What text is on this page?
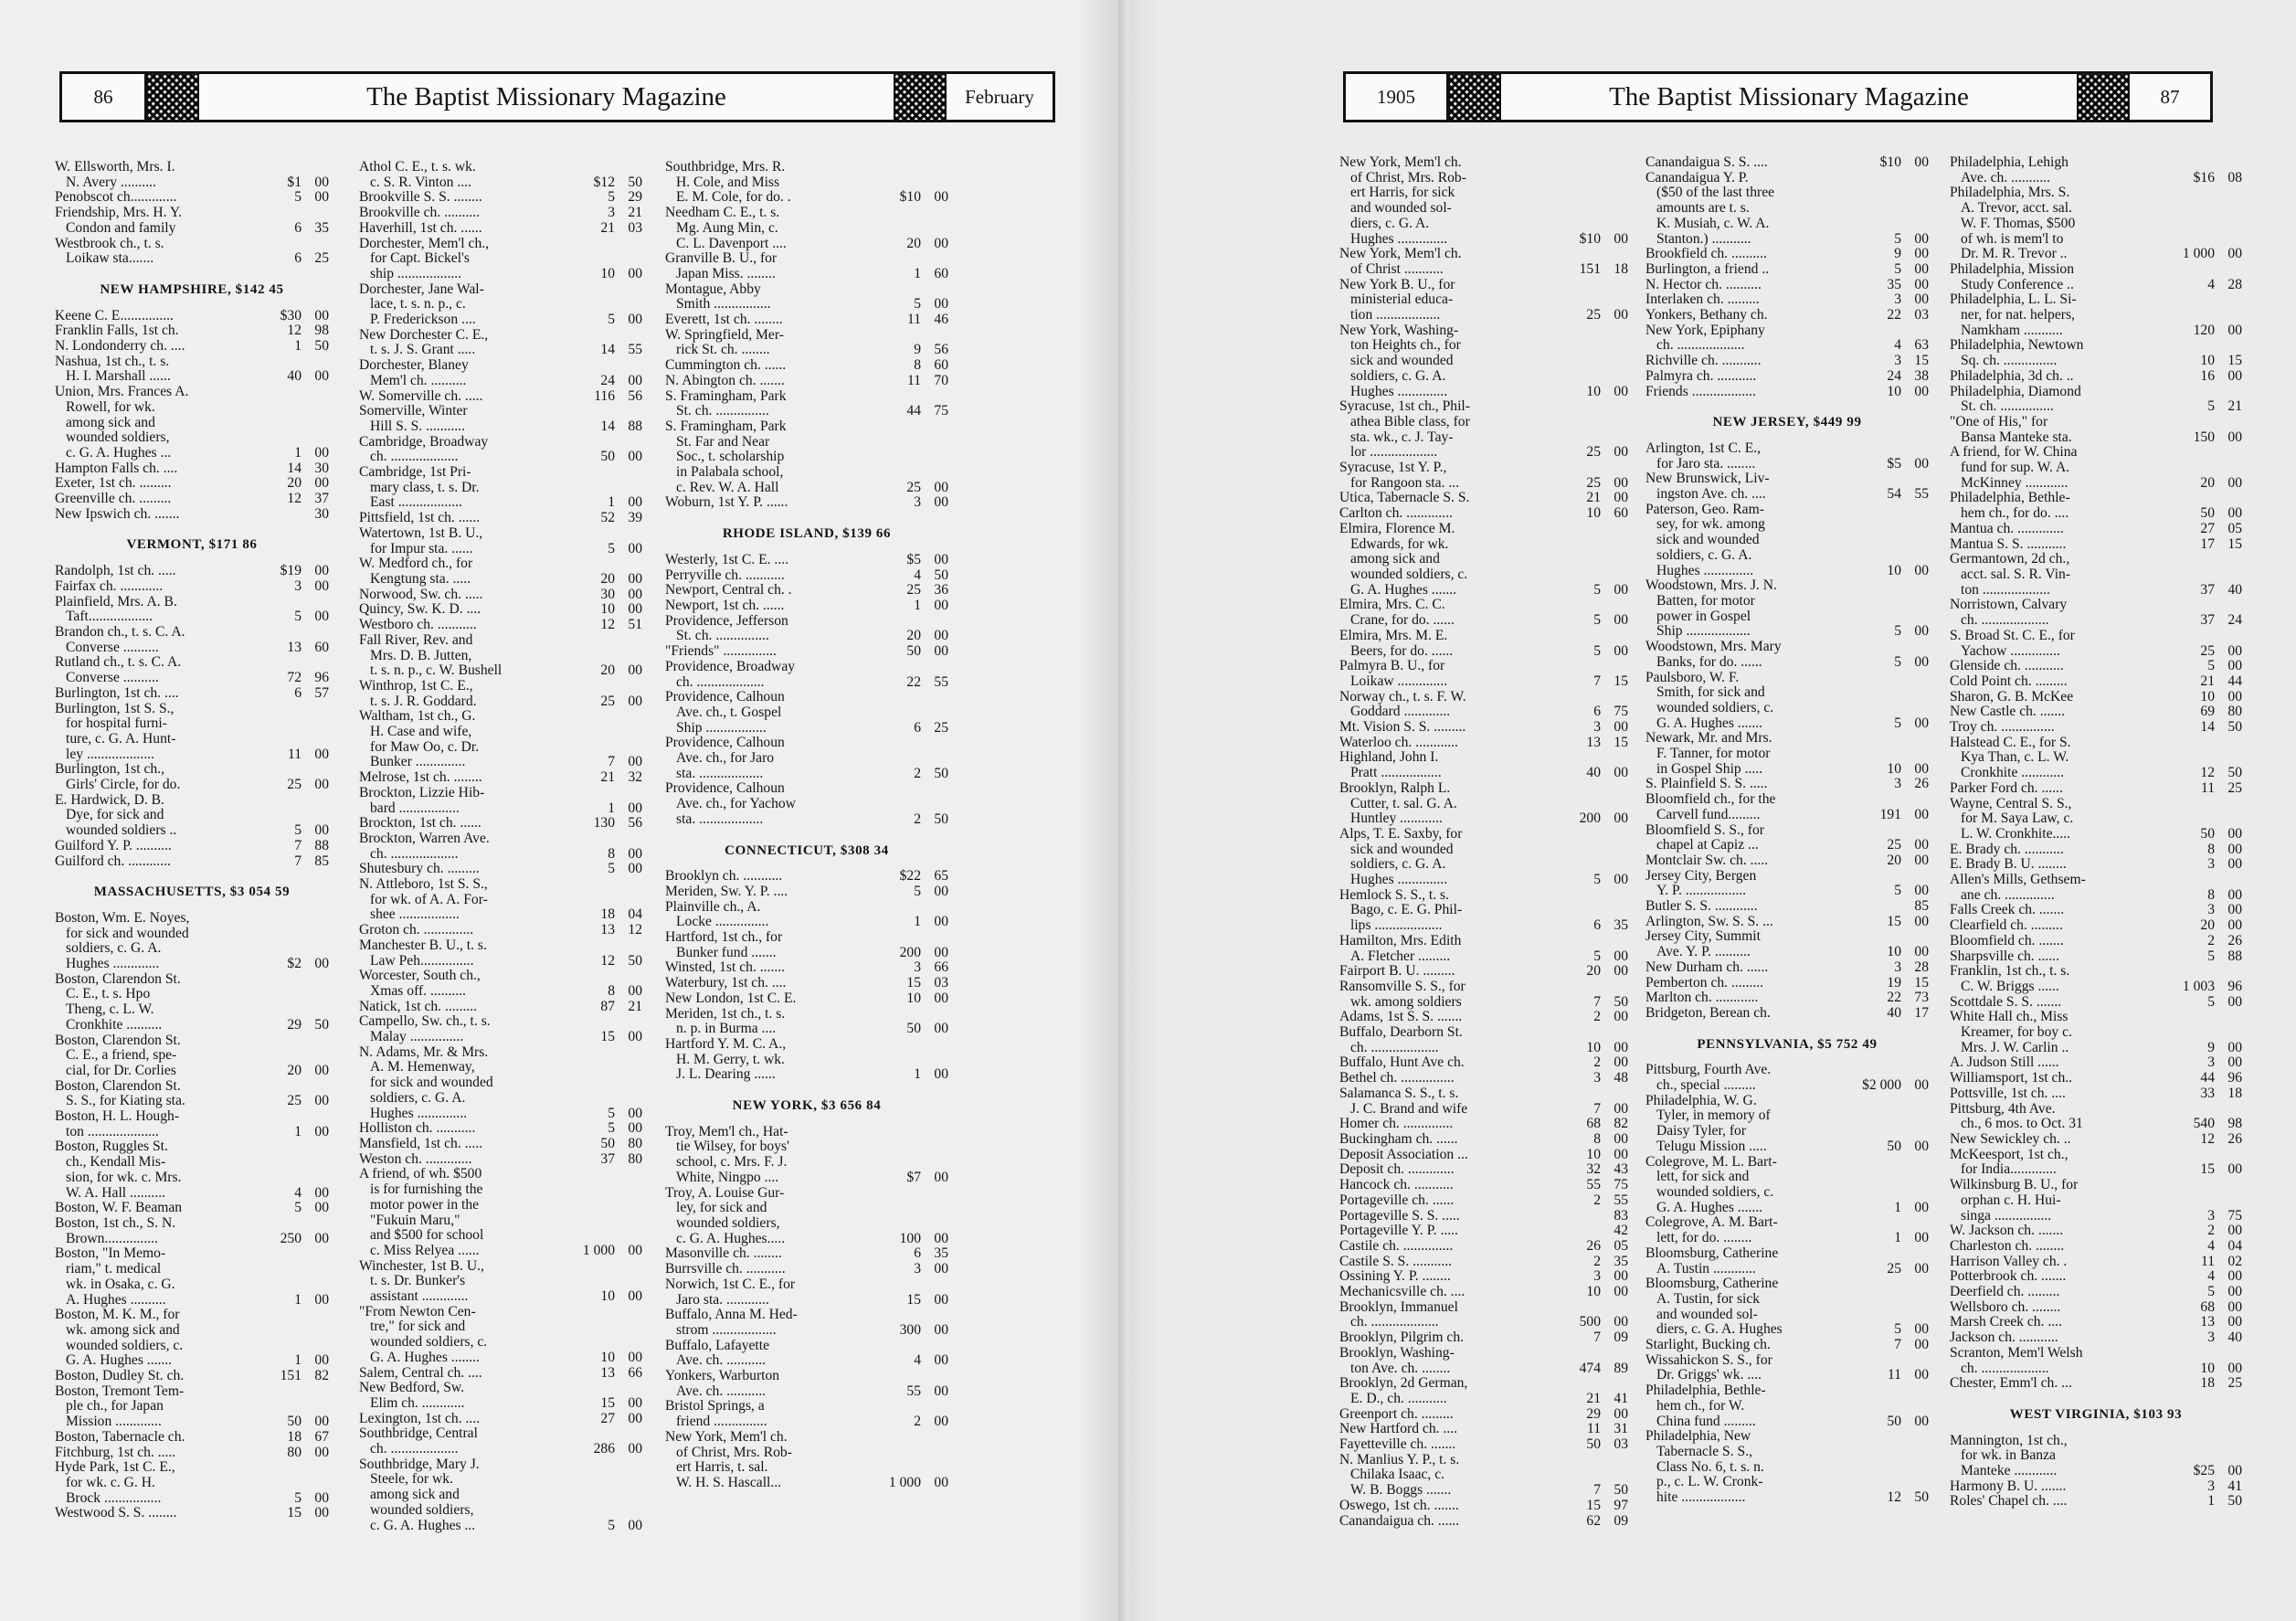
86	The Baptist Missionary Magazine	February
W. Ellsworth, Mrs. I.
N. Avery ..........	$1 00
Penobscot ch.............	5 00
Friendship, Mrs. H. Y.
Condon and family	6 35
Westbrook ch., t. s.
Loikaw sta.......	6 25
NEW HAMPSHIRE, $142 45
Keene C. E...............	$30 00
Franklin Falls, 1st ch.	12 98
N. Londonderry ch. ....	1 50
Nashua, 1st ch., t. s.
H. I. Marshall ......	40 00
Union, Mrs. Frances A.
Rowell, for wk.
among sick and
wounded soldiers,
c. G. A. Hughes ...	1 00
Hampton Falls ch. ....	14 30
Exeter, 1st ch. .........	20 00
Greenville ch. .........	12 37
New Ipswich ch. .......	30
VERMONT, $171 86
Randolph, 1st ch. .....	$19 00
Fairfax ch. ............	3 00
Plainfield, Mrs. A. B.
Taft..................	5 00
Brandon ch., t. s. C. A.
Converse ..........	13 60
Rutland ch., t. s. C. A.
Converse ..........	72 96
Burlington, 1st ch. ....	6 57
Burlington, 1st S. S.,
for hospital furni-
ture, c. G. A. Hunt-
ley ...................	11 00
Burlington, 1st ch.,
Girls' Circle, for do.	25 00
E. Hardwick, D. B.
Dye, for sick and
wounded soldiers ..	5 00
Guilford Y. P. ..........	7 88
Guilford ch. ............	7 85
MASSACHUSETTS, $3 054 59
Boston, Wm. E. Noyes,
for sick and wounded
soldiers, c. G. A.
Hughes .............	$2 00
Boston, Clarendon St.
C. E., t. s. Hpo
Theng, c. L. W.
Cronkhite ..........	29 50
Boston, Clarendon St.
C. E., a friend, spe-
cial, for Dr. Corlies	20 00
Boston, Clarendon St.
S. S., for Kiating sta.	25 00
Boston, H. L. Hough-
ton ....................	1 00
Boston, Ruggles St.
ch., Kendall Mis-
sion, for wk. c. Mrs.
W. A. Hall ..........	4 00
Boston, W. F. Beaman	5 00
Boston, 1st ch., S. N.
Brown...............	250 00
Boston, "In Memo-
riam," t. medical
wk. in Osaka, c. G.
A. Hughes ..........	1 00
Boston, M. K. M., for
wk. among sick and
wounded soldiers, c.
G. A. Hughes .......	1 00
Boston, Dudley St. ch.	151 82
Boston, Tremont Tem-
ple ch., for Japan
Mission .............	50 00
Boston, Tabernacle ch.	18 67
Fitchburg, 1st ch. .....	80 00
Hyde Park, 1st C. E.,
for wk. c. G. H.
Brock ................	5 00
Westwood S. S. ........	15 00
Athol C. E., t. s. wk.
c. S. R. Vinton ....	$12 50
Brookville S. S. ........	5 29
Brookville ch. ..........	3 21
Haverhill, 1st ch. ......	21 03
Dorchester, Mem'l ch.,
for Capt. Bickel's
ship ..................	10 00
Dorchester, Jane Wal-
lace, t. s. n. p., c.
P. Frederickson ....	5 00
New Dorchester C. E.,
t. s. J. S. Grant .....	14 55
Dorchester, Blaney
Mem'l ch. ..........	24 00
W. Somerville ch. .....	116 56
Somerville, Winter
Hill S. S. ...........	14 88
Cambridge, Broadway
ch. ...................	50 00
Cambridge, 1st Pri-
mary class, t. s. Dr.
East ..................	1 00
Pittsfield, 1st ch. ......	52 39
Watertown, 1st B. U.,
for Impur sta. ......	5 00
W. Medford ch., for
Kengtung sta. .....	20 00
Norwood, Sw. ch. .....	30 00
Quincy, Sw. K. D. ....	10 00
Westboro ch. ...........	12 51
Fall River, Rev. and
Mrs. D. B. Jutten,
t. s. n. p., c. W. Bushell	20 00
Winthrop, 1st C. E.,
t. s. J. R. Goddard.	25 00
Waltham, 1st ch., G.
H. Case and wife,
for Maw Oo, c. Dr.
Bunker ..............	7 00
Melrose, 1st ch. ........	21 32
Brockton, Lizzie Hib-
bard .................	1 00
Brockton, 1st ch. ......	130 56
Brockton, Warren Ave.
ch. ...................	8 00
Shutesbury ch. .........	5 00
N. Attleboro, 1st S. S.,
for wk. of A. A. For-
shee .................	18 04
Groton ch. ..............	13 12
Manchester B. U., t. s.
Law Peh...............	12 50
Worcester, South ch.,
Xmas off. ..........	8 00
Natick, 1st ch. .........	87 21
Campello, Sw. ch., t. s.
Malay ...............	15 00
N. Adams, Mr. & Mrs.
A. M. Hemenway,
for sick and wounded
soldiers, c. G. A.
Hughes ..............	5 00
Holliston ch. ...........	5 00
Mansfield, 1st ch. .....	50 80
Weston ch. .............	37 80
A friend, of wh. $500
is for furnishing the
motor power in the
"Fukuin Maru,"
and $500 for school
c. Miss Relyea ......	1 000 00
Winchester, 1st B. U.,
t. s. Dr. Bunker's
assistant .............	10 00
"From Newton Cen-
tre," for sick and
wounded soldiers, c.
G. A. Hughes ........	10 00
Salem, Central ch. ....	13 66
New Bedford, Sw.
Elim ch. ............	15 00
Lexington, 1st ch. ....	27 00
Southbridge, Central
ch. ...................	286 00
Southbridge, Mary J.
Steele, for wk.
among sick and
wounded soldiers,
c. G. A. Hughes ...	5 00
Southbridge, Mrs. R.
H. Cole, and Miss
E. M. Cole, for do. .	$10 00
Needham C. E., t. s.
Mg. Aung Min, c.
C. L. Davenport ....	20 00
Granville B. U., for
Japan Miss. ........	1 60
Montague, Abby
Smith ................	5 00
Everett, 1st ch. ........	11 46
W. Springfield, Mer-
rick St. ch. ........	9 56
Cummington ch. ......	8 60
N. Abington ch. .......	11 70
S. Framingham, Park
St. ch. ...............	44 75
S. Framingham, Park
St. Far and Near
Soc., t. scholarship
in Palabala school,
c. Rev. W. A. Hall	25 00
Woburn, 1st Y. P. ......	3 00
RHODE ISLAND, $139 66
Westerly, 1st C. E. ....	$5 00
Perryville ch. ...........	4 50
Newport, Central ch. .	25 36
Newport, 1st ch. ......	1 00
Providence, Jefferson
St. ch. ...............	20 00
"Friends" ...............	50 00
Providence, Broadway
ch. ...................	22 55
Providence, Calhoun
Ave. ch., t. Gospel
Ship .................	6 25
Providence, Calhoun
Ave. ch., for Jaro
sta. ..................	2 50
Providence, Calhoun
Ave. ch., for Yachow
sta. ..................	2 50
CONNECTICUT, $308 34
Brooklyn ch. ...........	$22 65
Meriden, Sw. Y. P. ....	5 00
Plainville ch., A.
Locke ...............	1 00
Hartford, 1st ch., for
Bunker fund .......	200 00
Winsted, 1st ch. .......	3 66
Waterbury, 1st ch. ....	15 03
New London, 1st C. E.	10 00
Meriden, 1st ch., t. s.
n. p. in Burma ....	50 00
Hartford Y. M. C. A.,
H. M. Gerry, t. wk.
J. L. Dearing ......	1 00
NEW YORK, $3 656 84
Troy, Mem'l ch., Hat-
tie Wilsey, for boys'
school, c. Mrs. F. J.
White, Ningpo ....	$7 00
Troy, A. Louise Gur-
ley, for sick and
wounded soldiers,
c. G. A. Hughes.....	100 00
Masonville ch. ........	6 35
Burrsville ch. ...........	3 00
Norwich, 1st C. E., for
Jaro sta. ............	15 00
Buffalo, Anna M. Hed-
strom ..................	300 00
Buffalo, Lafayette
Ave. ch. ...........	4 00
Yonkers, Warburton
Ave. ch. ...........	55 00
Bristol Springs, a
friend ...............	2 00
New York, Mem'l ch.
of Christ, Mrs. Rob-
ert Harris, t. sal.
W. H. S. Hascall...	1 000 00
1905	The Baptist Missionary Magazine	87
New York, Mem'l ch.
of Christ, Mrs. Rob-
ert Harris, for sick
and wounded sol-
diers, c. G. A.
Hughes ..............	$10 00
New York, Mem'l ch.
of Christ ...........	151 18
New York B. U., for
ministerial educa-
tion ..................	25 00
New York, Washing-
ton Heights ch., for
sick and wounded
soldiers, c. G. A.
Hughes ..............	10 00
Syracuse, 1st ch., Phil-
athea Bible class, for
sta. wk., c. J. Tay-
lor ...................	25 00
Syracuse, 1st Y. P.,
for Rangoon sta. ...	25 00
Utica, Tabernacle S. S.	21 00
Carlton ch. .............	10 60
Elmira, Florence M.
Edwards, for wk.
among sick and
wounded soldiers, c.
G. A. Hughes .......	5 00
Elmira, Mrs. C. C.
Crane, for do. ......	5 00
Elmira, Mrs. M. E.
Beers, for do. ......	5 00
Palmyra B. U., for
Loikaw ..............	7 15
Norway ch., t. s. F. W.
Goddard .............	6 75
Mt. Vision S. S. .........	3 00
Waterloo ch. ............	13 15
Highland, John I.
Pratt .................	40 00
Brooklyn, Ralph L.
Cutter, t. sal. G. A.
Huntley ............	200 00
Alps, T. E. Saxby, for
sick and wounded
soldiers, c. G. A.
Hughes ..............	5 00
Hemlock S. S., t. s.
Bago, c. E. G. Phil-
lips ...................	6 35
Hamilton, Mrs. Edith
A. Fletcher .........	5 00
Fairport B. U. .........	20 00
Ransomville S. S., for
wk. among soldiers	7 50
Adams, 1st S. S. .......	2 00
Buffalo, Dearborn St.
ch. ...................	10 00
Buffalo, Hunt Ave ch.	2 00
Bethel ch. ...............	3 48
Salamanca S. S., t. s.
J. C. Brand and wife	7 00
Homer ch. ..............	68 82
Buckingham ch. ......	8 00
Deposit Association ...	10 00
Deposit ch. .............	32 43
Hancock ch. ...........	55 75
Portageville ch. ......	2 55
Portageville S. S. .....	83
Portageville Y. P. .....	42
Castile ch. ..............	26 05
Castile S. S. ...........	2 35
Ossining Y. P. ........	3 00
Mechanicsville ch. ....	10 00
Brooklyn, Immanuel
ch. ...................	500 00
Brooklyn, Pilgrim ch.	7 09
Brooklyn, Washing-
ton Ave. ch. ........	474 89
Brooklyn, 2d German,
E. D., ch. ...........	21 41
Greenport ch. .........	29 00
New Hartford ch. ....	11 31
Fayetteville ch. .......	50 03
N. Manlius Y. P., t. s.
Chilaka Isaac, c.
W. B. Boggs .......	7 50
Oswego, 1st ch. .......	15 97
Canandaigua ch. ......	62 09
Canandaigua S. S. ....	$10 00
Canandaigua Y. P.
($50 of the last three
amounts are t. s.
K. Musiah, c. W. A.
Stanton.) ...........	5 00
Brookfield ch. ..........	9 00
Burlington, a friend ..	5 00
N. Hector ch. ..........	35 00
Interlaken ch. .........	3 00
Yonkers, Bethany ch.	22 03
New York, Epiphany
ch. ...................	4 63
Richville ch. ...........	3 15
Palmyra ch. ...........	24 38
Friends ..................	10 00
NEW JERSEY, $449 99
Arlington, 1st C. E.,
for Jaro sta. ........	$5 00
New Brunswick, Liv-
ingston Ave. ch. ....	54 55
Paterson, Geo. Ram-
sey, for wk. among
sick and wounded
soldiers, c. G. A.
Hughes ..............	10 00
Woodstown, Mrs. J. N.
Batten, for motor
power in Gospel
Ship ..................	5 00
Woodstown, Mrs. Mary
Banks, for do. ......	5 00
Paulsboro, W. F.
Smith, for sick and
wounded soldiers, c.
G. A. Hughes .......	5 00
Newark, Mr. and Mrs.
F. Tanner, for motor
in Gospel Ship .....	10 00
S. Plainfield S. S. .....	3 26
Bloomfield ch., for the
Carvell fund.........	191 00
Bloomfield S. S., for
chapel at Capiz ...	25 00
Montclair Sw. ch. .....	20 00
Jersey City, Bergen
Y. P. .................	5 00
Butler S. S. ............	85
Arlington, Sw. S. S. ...	15 00
Jersey City, Summit
Ave. Y. P. ..........	10 00
New Durham ch. ......	3 28
Pemberton ch. .........	19 15
Marlton ch. ............	22 73
Bridgeton, Berean ch.	40 17
PENNSYLVANIA, $5 752 49
Pittsburg, Fourth Ave.
ch., special .........	$2 000 00
Philadelphia, W. G.
Tyler, in memory of
Daisy Tyler, for
Telugu Mission .....	50 00
Colegrove, M. L. Bart-
lett, for sick and
wounded soldiers, c.
G. A. Hughes .......	1 00
Colegrove, A. M. Bart-
lett, for do. ........	1 00
Bloomsburg, Catherine
A. Tustin ............	25 00
Bloomsburg, Catherine
A. Tustin, for sick
and wounded sol-
diers, c. G. A. Hughes	5 00
Starlight, Bucking ch.	7 00
Wissahickon S. S., for
Dr. Griggs' wk. ....	11 00
Philadelphia, Bethle-
hem ch., for W.
China fund .........	50 00
Philadelphia, New
Tabernacle S. S.,
Class No. 6, t. s. n.
p., c. L. W. Cronk-
hite ..................	12 50
Philadelphia, Lehigh
Ave. ch. ...........	$16 08
Philadelphia, Mrs. S.
A. Trevor, acct. sal.
W. F. Thomas, $500
of wh. is mem'l to
Dr. M. R. Trevor ..	1 000 00
Philadelphia, Mission
Study Conference ..	4 28
Philadelphia, L. L. Si-
ner, for nat. helpers,
Namkham ...........	120 00
Philadelphia, Newtown
Sq. ch. ...............	10 15
Philadelphia, 3d ch. ..	16 00
Philadelphia, Diamond
St. ch. ...............	5 21
"One of His," for
Bansa Manteke sta.	150 00
A friend, for W. China
fund for sup. W. A.
McKinney ............	20 00
Philadelphia, Bethle-
hem ch., for do. ....	50 00
Mantua ch. .............	27 05
Mantua S. S. ...........	17 15
Germantown, 2d ch.,
acct. sal. S. R. Vin-
ton ...................	37 40
Norristown, Calvary
ch. ...................	37 24
S. Broad St. C. E., for
Yachow ..............	25 00
Glenside ch. ...........	5 00
Cold Point ch. .........	21 44
Sharon, G. B. McKee	10 00
New Castle ch. .......	69 80
Troy ch. ...............	14 50
Halstead C. E., for S.
Kya Than, c. L. W.
Cronkhite ............	12 50
Parker Ford ch. ......	11 25
Wayne, Central S. S.,
for M. Saya Law, c.
L. W. Cronkhite.....	50 00
E. Brady ch. ...........	8 00
E. Brady B. U. ........	3 00
Allen's Mills, Gethsem-
ane ch. ..............	8 00
Falls Creek ch. .......	3 00
Clearfield ch. .........	20 00
Bloomfield ch. .......	2 26
Sharpsville ch. ......	5 88
Franklin, 1st ch., t. s.
C. W. Briggs ......	1 003 96
Scottdale S. S. .......	5 00
White Hall ch., Miss
Kreamer, for boy c.
Mrs. J. W. Carlin ..	9 00
A. Judson Still ......	3 00
Williamsport, 1st ch..	44 96
Pottsville, 1st ch. ....	33 18
Pittsburg, 4th Ave.
ch., 6 mos. to Oct. 31	540 98
New Sewickley ch. ..	12 26
McKeesport, 1st ch.,
for India.............	15 00
Wilkinsburg B. U., for
orphan c. H. Hui-
singa ................	3 75
W. Jackson ch. .......	2 00
Charleston ch. ........	4 04
Harrison Valley ch. .	11 02
Potterbrook ch. .......	4 00
Deerfield ch. .........	5 00
Wellsboro ch. ........	68 00
Marsh Creek ch. ....	13 00
Jackson ch. ...........	3 40
Scranton, Mem'l Welsh
ch. ...................	10 00
Chester, Emm'l ch. ...	18 25
WEST VIRGINIA, $103 93
Mannington, 1st ch.,
for wk. in Banza
Manteke ............	$25 00
Harmony B. U. .......	3 41
Roles' Chapel ch. ....	1 50
